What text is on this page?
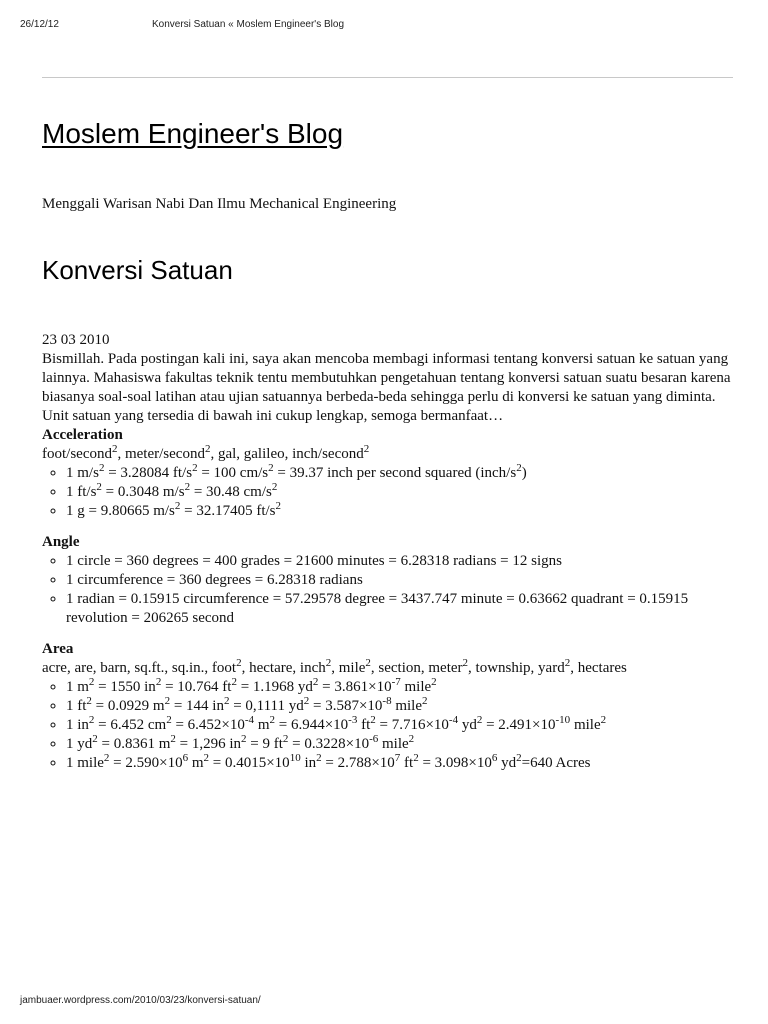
26/12/12	Konversi Satuan « Moslem Engineer's Blog
Moslem Engineer's Blog
Menggali Warisan Nabi Dan Ilmu Mechanical Engineering
Konversi Satuan

23 03 2010

Bismillah. Pada postingan kali ini, saya akan mencoba membagi informasi tentang konversi satuan ke satuan yang lainnya. Mahasiswa fakultas teknik tentu membutuhkan pengetahuan tentang konversi satuan suatu besaran karena biasanya soal-soal latihan atau ujian satuannya berbeda-beda sehingga perlu di konversi ke satuan yang diminta. Unit satuan yang tersedia di bawah ini cukup lengkap, semoga bermanfaat…

Acceleration

foot/second$^2$, meter/second$^2$, gal, galileo, inch/second$^2$

◦ 1 $m/s^2 = 3.28084$ $ft/s^2 = 100$ $cm/s^2 = 39.37$ inch per second squared $(inch/s^2)$
◦ 1 $ft/s^2 = 0.3048$ $m/s^2 = 30.48$ $cm/s^2$
◦ 1 g = 9.80665 $m/s^2 = 32.17405$ $ft/s^2$

Angle

◦ 1 circle = 360 degrees = 400 grades = 21600 minutes = 6.28318 radians = 12 signs
◦ 1 circumference = 360 degrees = 6.28318 radians
◦ 1 radian = 0.15915 circumference = 57.29578 degree = 3437.747 minute = 0.63662 quadrant = 0.15915 revolution = 206265 second

Area

acre, are, barn, sq.ft., sq.in., foot$^2$, hectare, inch$^2$, mile$^2$, section, meter$^2$, township, yard$^2$, hectares

◦ 1 $m^2 = 1550$ $in^2 = 10.764$ $ft^2 = 1.1968$ $yd^2 = 3.861\times 10^{-7}$ mile$^2$
◦ 1 $ft^2 = 0.0929$ $m^2 = 144$ $in^2 = 0,1111$ $yd^2 = 3.587\times 10^{-8}$ mile$^2$
◦ 1 $in^2 = 6.452$ $cm^2 = 6.452\times 10^{-4}$ $m^2 = 6.944\times 10^{-3}$ $ft^2 = 7.716\times 10^{-4}$ $yd^2 = 2.491\times 10^{-10}$ mile$^2$
◦ 1 $yd^2 = 0.8361$ $m^2 = 1,296$ $in^2 = 9$ $ft^2 = 0.3228\times 10^{-6}$ mile$^2$
◦ 1 mile$^2$ = $2.590\times 10^6$ $m^2 = 0.4015\times 10^{10}$ $in^2 = 2.788\times 10^7$ $ft^2 = 3.098\times 10^6$ $yd^2=640$ Acres
jambuaer.wordpress.com/2010/03/23/konversi-satuan/
